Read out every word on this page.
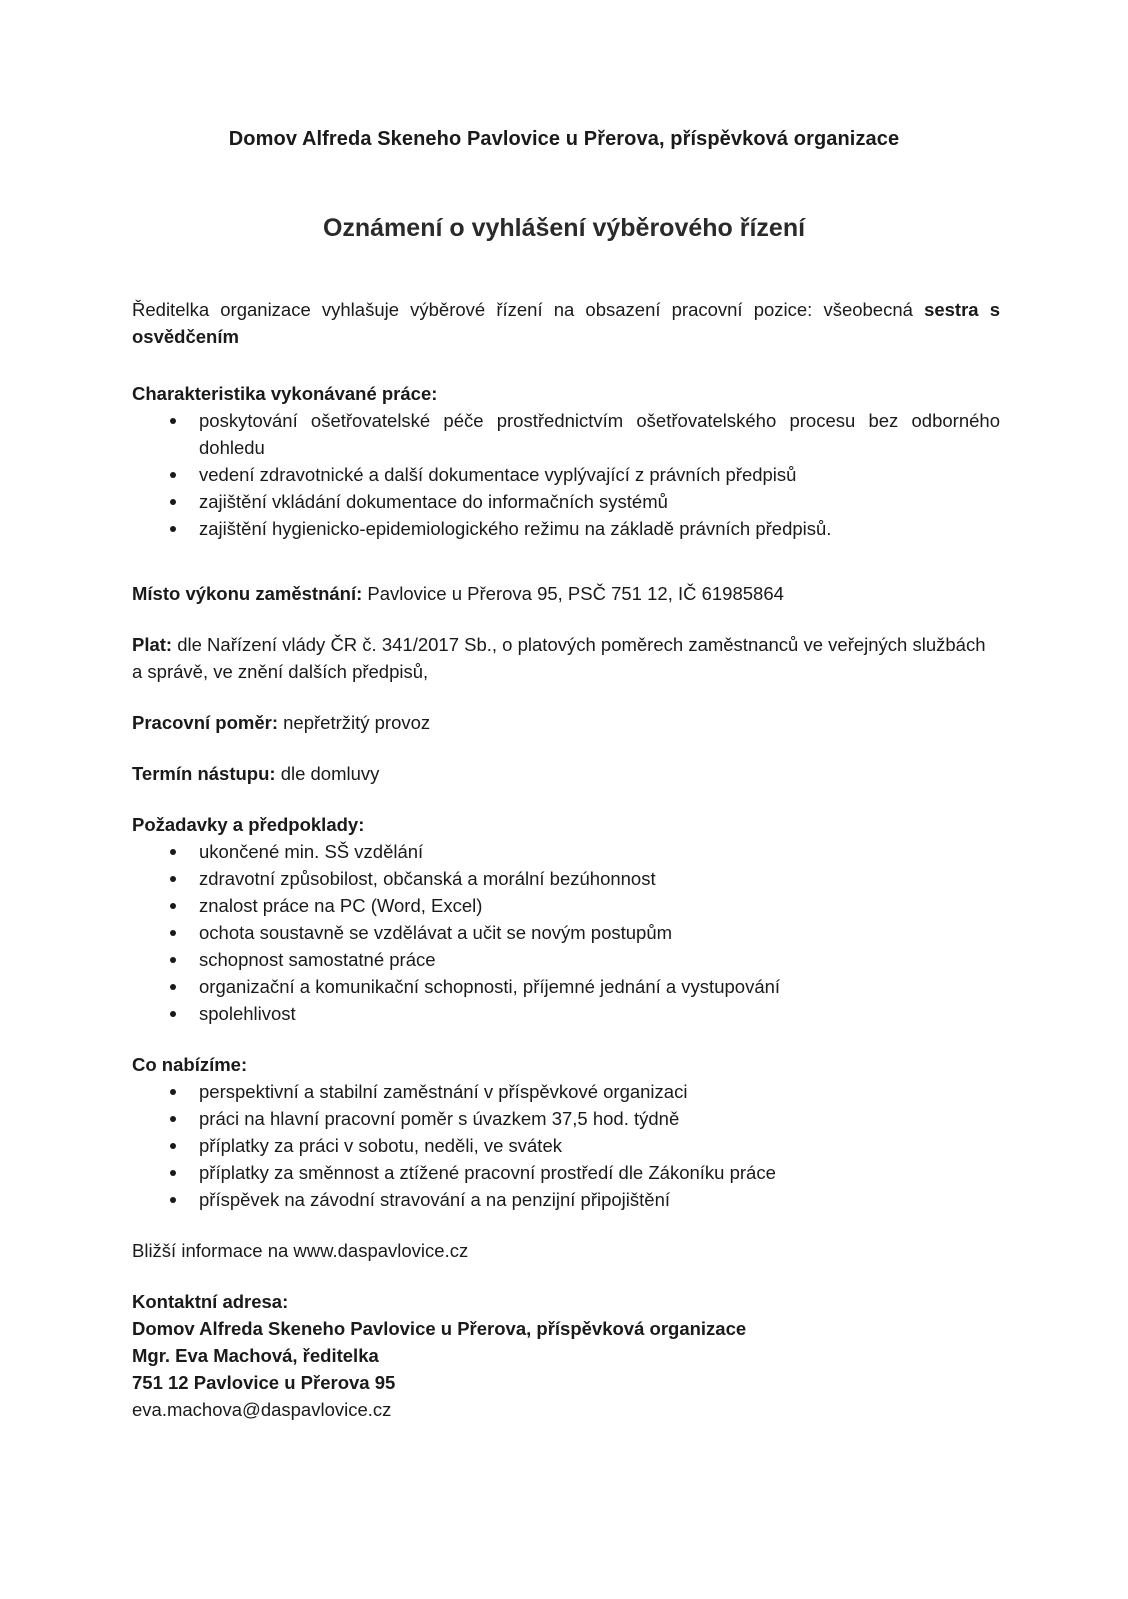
Domov Alfreda Skeneho Pavlovice u Přerova, příspěvková organizace
Oznámení o vyhlášení výběrového řízení
Ředitelka organizace vyhlašuje výběrové řízení na obsazení pracovní pozice: všeobecná sestra s osvědčením
Charakteristika vykonávané práce:
poskytování ošetřovatelské péče prostřednictvím ošetřovatelského procesu bez odborného dohledu
vedení zdravotnické a další dokumentace vyplývající z právních předpisů
zajištění vkládání dokumentace do informačních systémů
zajištění hygienicko-epidemiologického režimu na základě právních předpisů.
Místo výkonu zaměstnání: Pavlovice u Přerova 95, PSČ 751 12, IČ 61985864
Plat: dle Nařízení vlády ČR č. 341/2017 Sb., o platových poměrech zaměstnanců ve veřejných službách a správě, ve znění dalších předpisů,
Pracovní poměr: nepřetržitý provoz
Termín nástupu: dle domluvy
Požadavky a předpoklady:
ukončené min. SŠ vzdělání
zdravotní způsobilost, občanská a morální bezúhonnost
znalost práce na PC (Word, Excel)
ochota soustavně se vzdělávat a učit se novým postupům
schopnost samostatné práce
organizační a komunikační schopnosti, příjemné jednání a vystupování
spolehlivost
Co nabízíme:
perspektivní a stabilní zaměstnání v příspěvkové organizaci
práci na hlavní pracovní poměr s úvazkem 37,5 hod. týdně
příplatky za práci v sobotu, neděli, ve svátek
příplatky za směnnost a ztížené pracovní prostředí dle Zákoníku práce
příspěvek na závodní stravování a na penzijní připojištění
Bližší informace na www.daspavlovice.cz
Kontaktní adresa:
Domov Alfreda Skeneho Pavlovice u Přerova, příspěvková organizace
Mgr. Eva Machová, ředitelka
751 12 Pavlovice u Přerova 95
eva.machova@daspavlovice.cz
